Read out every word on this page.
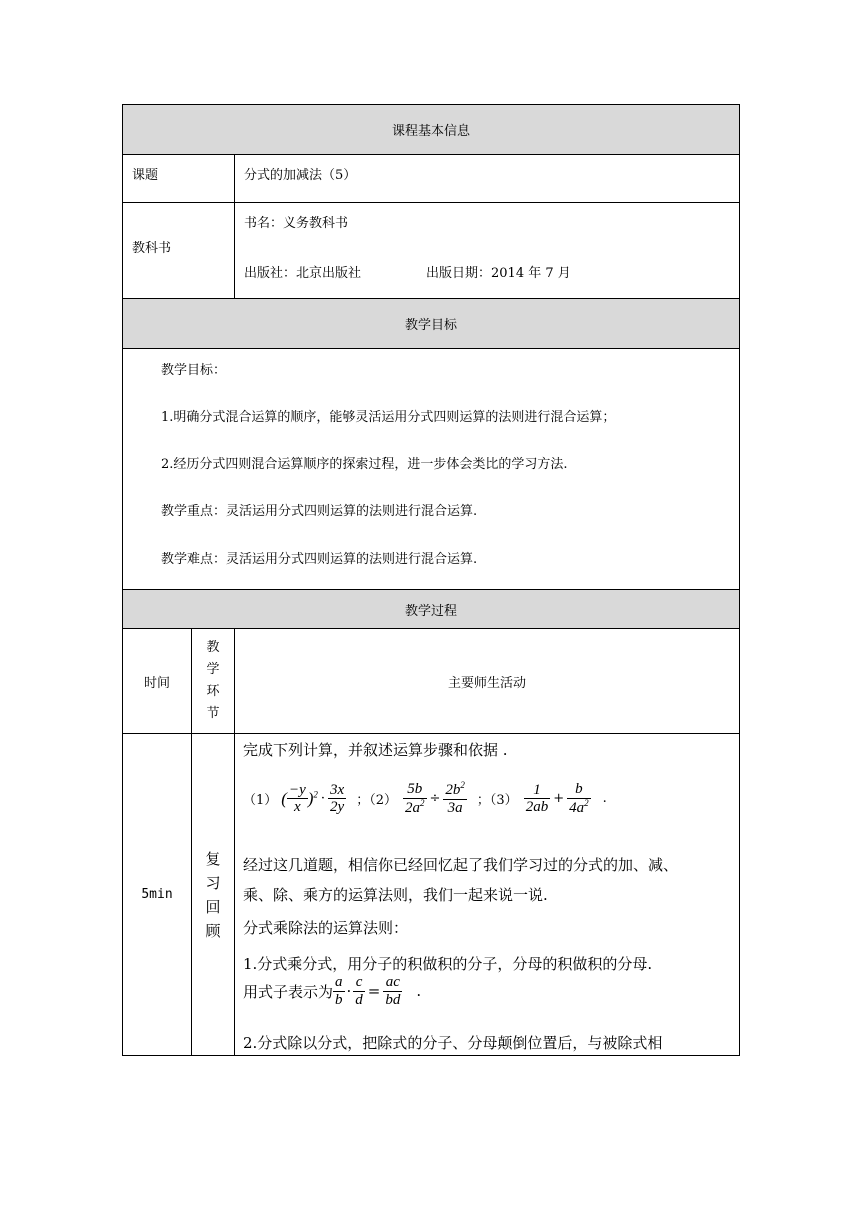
课程基本信息
课题	分式的加减法（5）
教科书
书名：义务教科书
出版社：北京出版社	出版日期：2014 年 7 月
教学目标
教学目标：
1.明确分式混合运算的顺序，能够灵活运用分式四则运算的法则进行混合运算；
2.经历分式四则混合运算顺序的探索过程，进一步体会类比的学习方法.
教学重点：灵活运用分式四则运算的法则进行混合运算.
教学难点：灵活运用分式四则运算的法则进行混合运算.
教学过程
时间
教
学
环
节
主要师生活动
5min
复
习
回
顾
完成下列计算，并叙述运算步骤和依据 .
（1） ( $\frac{-y}{x} )^2 \cdot \frac{3x}{2y}$ ；$(2) \frac{5b}{2a^2} \div \frac{2b^2}{3a}$ ；$(3) \frac{1}{2ab} + \frac{b}{4a^2}$ .
经过这几道题，相信你已经回忆起了我们学习过的分式的加、减、
乘、除、乘方的运算法则，我们一起来说一说.
分式乘除法的运算法则：
1.分式乘分式，用分子的积做积的分子，分母的积做积的分母.
用式子表示为 $\frac{a}{b} \cdot \frac{c}{d} = \frac{ac}{bd}$ .
2.分式除以分式，把除式的分子、分母颠倒位置后，与被除式相
